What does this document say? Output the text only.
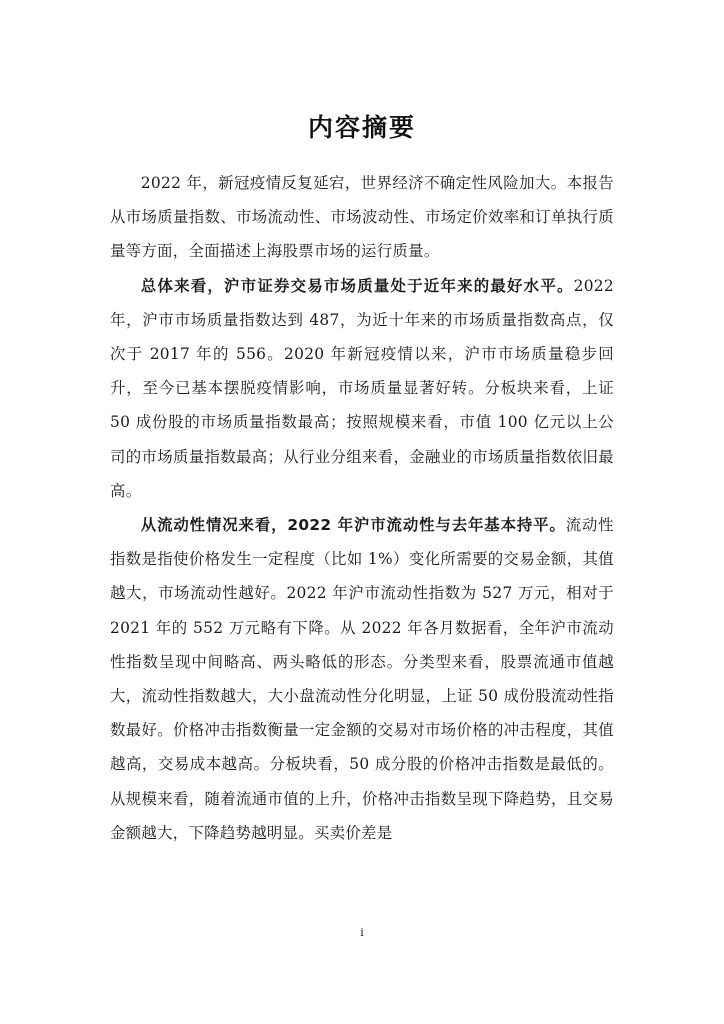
内容摘要

2022 年，新冠疫情反复延宕，世界经济不确定性风险加大。本报告从市场质量指数、市场流动性、市场波动性、市场定价效率和订单执行质量等方面，全面描述上海股票市场的运行质量。

总体来看，沪市证券交易市场质量处于近年来的最好水平。2022 年，沪市市场质量指数达到 487，为近十年来的市场质量指数高点，仅次于 2017 年的 556。2020 年新冠疫情以来，沪市市场质量稳步回升，至今已基本摆脱疫情影响，市场质量显著好转。分板块来看，上证 50 成份股的市场质量指数最高；按照规模来看，市值 100 亿元以上公司的市场质量指数最高；从行业分组来看，金融业的市场质量指数依旧最高。

从流动性情况来看，2022 年沪市流动性与去年基本持平。流动性指数是指使价格发生一定程度（比如 1%）变化所需要的交易金额，其值越大，市场流动性越好。2022 年沪市流动性指数为 527 万元，相对于 2021 年的 552 万元略有下降。从 2022 年各月数据看，全年沪市流动性指数呈现中间略高、两头略低的形态。分类型来看，股票流通市值越大，流动性指数越大，大小盘流动性分化明显，上证 50 成份股流动性指数最好。价格冲击指数衡量一定金额的交易对市场价格的冲击程度，其值越高，交易成本越高。分板块看，50 成分股的价格冲击指数是最低的。从规模来看，随着流通市值的上升，价格冲击指数呈现下降趋势，且交易金额越大，下降趋势越明显。买卖价差是

i
